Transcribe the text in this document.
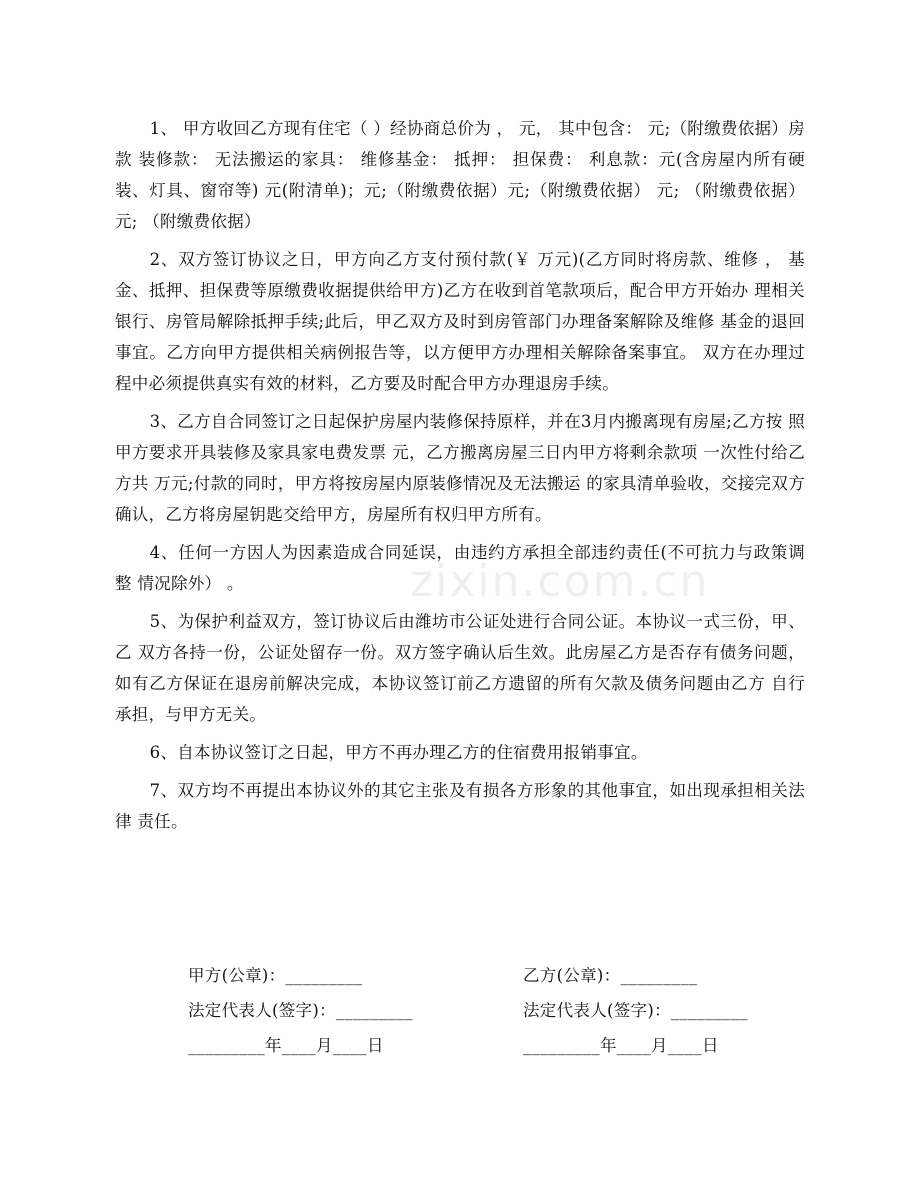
1、 甲方收回乙方现有住宅（ ）经协商总价为 ， 元， 其中包含： 元;（附缴费依据）房款 装修款： 无法搬运的家具： 维修基金： 抵押： 担保费： 利息款：元(含房屋内所有硬装、灯具、窗帘等) 元(附清单)；元;（附缴费依据）元;（附缴费依据） 元; （附缴费依据） 元; （附缴费依据）

2、双方签订协议之日，甲方向乙方支付预付款(￥ 万元)(乙方同时将房款、维修 ， 基金、抵押、担保费等原缴费收据提供给甲方)乙方在收到首笔款项后，配合甲方开始办 理相关银行、房管局解除抵押手续;此后，甲乙双方及时到房管部门办理备案解除及维修 基金的退回事宜。乙方向甲方提供相关病例报告等，以方便甲方办理相关解除备案事宜。 双方在办理过程中必须提供真实有效的材料，乙方要及时配合甲方办理退房手续。

3、乙方自合同签订之日起保护房屋内装修保持原样，并在3月内搬离现有房屋;乙方按 照甲方要求开具装修及家具家电费发票 元，乙方搬离房屋三日内甲方将剩余款项 一次性付给乙方共 万元;付款的同时，甲方将按房屋内原装修情况及无法搬运 的家具清单验收，交接完双方确认，乙方将房屋钥匙交给甲方，房屋所有权归甲方所有。

4、任何一方因人为因素造成合同延误，由违约方承担全部违约责任(不可抗力与政策调整 情况除外） 。

5、为保护利益双方，签订协议后由潍坊市公证处进行合同公证。本协议一式三份，甲、乙 双方各持一份，公证处留存一份。双方签字确认后生效。此房屋乙方是否存有债务问题， 如有乙方保证在退房前解决完成，本协议签订前乙方遗留的所有欠款及债务问题由乙方 自行承担，与甲方无关。

6、自本协议签订之日起，甲方不再办理乙方的住宿费用报销事宜。

7、双方均不再提出本协议外的其它主张及有损各方形象的其他事宜，如出现承担相关法律 责任。

甲方(公章)：_________	乙方(公章)：_________
法定代表人(签字)：_________	法定代表人(签字)：_________
_________年____月____日	_________年____月____日
zixin.com.cn
